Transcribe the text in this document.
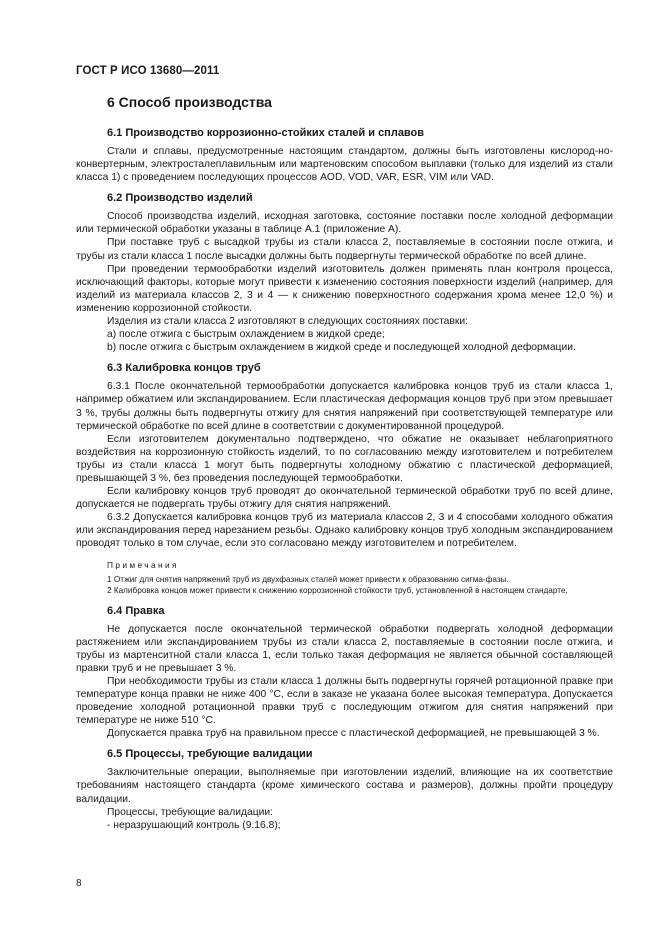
ГОСТ Р ИСО 13680—2011
6 Способ производства
6.1 Производство коррозионно-стойких сталей и сплавов

Стали и сплавы, предусмотренные настоящим стандартом, должны быть изготовлены кислород-но-конвертерным, электросталеплавильным или мартеновским способом выплавки (только для изделий из стали класса 1) с проведением последующих процессов AOD, VOD, VAR, ESR, VIM или VAD.

6.2 Производство изделий

Способ производства изделий, исходная заготовка, состояние поставки после холодной деформации или термической обработки указаны в таблице А.1 (приложение А).

При поставке труб с высадкой трубы из стали класса 2, поставляемые в состоянии после отжига, и трубы из стали класса 1 после высадки должны быть подвергнуты термической обработке по всей длине.

При проведении термообработки изделий изготовитель должен применять план контроля процесса, исключающий факторы, которые могут привести к изменению состояния поверхности изделий (например, для изделий из материала классов 2, 3 и 4 — к снижению поверхностного содержания хрома менее 12,0 %) и изменению коррозионной стойкости.

Изделия из стали класса 2 изготовляют в следующих состояниях поставки:

a) после отжига с быстрым охлаждением в жидкой среде;

b) после отжига с быстрым охлаждением в жидкой среде и последующей холодной деформации.

6.3 Калибровка концов труб

6.3.1 После окончательной термообработки допускается калибровка концов труб из стали класса 1, например обжатием или экспандированием. Если пластическая деформация концов труб при этом превышает 3 %, трубы должны быть подвергнуты отжигу для снятия напряжений при соответствующей температуре или термической обработке по всей длине в соответствии с документированной процедурой.

Если изготовителем документально подтверждено, что обжатие не оказывает неблагоприятного воздействия на коррозионную стойкость изделий, то по согласованию между изготовителем и потребителем трубы из стали класса 1 могут быть подвергнуты холодному обжатию с пластической деформацией, превышающей 3 %, без проведения последующей термообработки.

Если калибровку концов труб проводят до окончательной термической обработки труб по всей длине, допускается не подвергать трубы отжигу для снятия напряжений.

6.3.2 Допускается калибровка концов труб из материала классов 2, 3 и 4 способами холодного обжатия или экспандирования перед нарезанием резьбы. Однако калибровку концов труб холодным экспандированием проводят только в том случае, если это согласовано между изготовителем и потребителем.

Примечания

1 Отжиг для снятия напряжений труб из двухфазных сталей может привести к образованию сигма-фазы.

2 Калибровка концов может привести к снижению коррозионной стойкости труб, установленной в настоящем стандарте.

6.4 Правка

Не допускается после окончательной термической обработки подвергать холодной деформации растяжением или экспандированием трубы из стали класса 2, поставляемые в состоянии после отжига, и трубы из мартенситной стали класса 1, если только такая деформация не является обычной составляющей правки труб и не превышает 3 %.

При необходимости трубы из стали класса 1 должны быть подвергнуты горячей ротационной правке при температуре конца правки не ниже 400 °С, если в заказе не указана более высокая температура. Допускается проведение холодной ротационной правки труб с последующим отжигом для снятия напряжений при температуре не ниже 510 °С.

Допускается правка труб на правильном прессе с пластической деформацией, не превышающей 3 %.

6.5 Процессы, требующие валидации

Заключительные операции, выполняемые при изготовлении изделий, влияющие на их соответствие требованиям настоящего стандарта (кроме химического состава и размеров), должны пройти процедуру валидации.

Процессы, требующие валидации:

- неразрушающий контроль (9.16.8);

8
